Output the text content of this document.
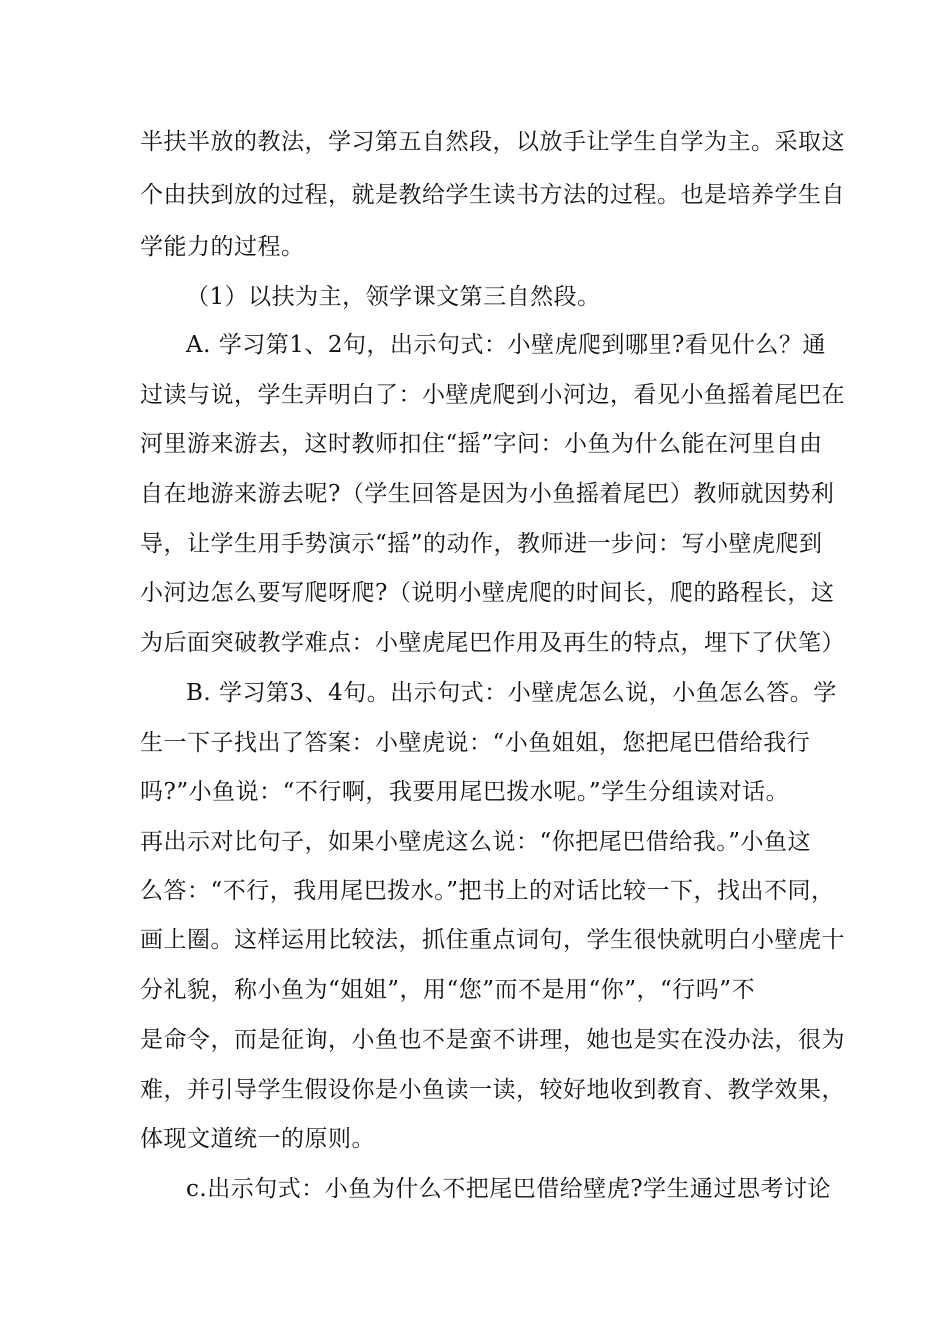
半扶半放的教法，学习第五自然段，以放手让学生自学为主。采取这
个由扶到放的过程，就是教给学生读书方法的过程。也是培养学生自
学能力的过程。
（1）以扶为主，领学课文第三自然段。
A. 学习第1、2句，出示句式：小壁虎爬到哪里?看见什么？通
过读与说，学生弄明白了：小壁虎爬到小河边，看见小鱼摇着尾巴在
河里游来游去，这时教师扣住“摇”字问：小鱼为什么能在河里自由
自在地游来游去呢?（学生回答是因为小鱼摇着尾巴）教师就因势利
导，让学生用手势演示“摇”的动作，教师进一步问：写小壁虎爬到
小河边怎么要写爬呀爬?（说明小壁虎爬的时间长，爬的路程长，这
为后面突破教学难点：小壁虎尾巴作用及再生的特点，埋下了伏笔）
B. 学习第3、4句。出示句式：小壁虎怎么说，小鱼怎么答。学
生一下子找出了答案：小壁虎说：“小鱼姐姐，您把尾巴借给我行
吗?”小鱼说：“不行啊，我要用尾巴拨水呢。”学生分组读对话。
再出示对比句子，如果小壁虎这么说：“你把尾巴借给我。”小鱼这
么答：“不行，我用尾巴拨水。”把书上的对话比较一下，找出不同，
画上圈。这样运用比较法，抓住重点词句，学生很快就明白小壁虎十
分礼貌，称小鱼为“姐姐”，用“您”而不是用“你”，“行吗”不
是命令，而是征询，小鱼也不是蛮不讲理，她也是实在没办法，很为
难，并引导学生假设你是小鱼读一读，较好地收到教育、教学效果，
体现文道统一的原则。
c.出示句式：小鱼为什么不把尾巴借给壁虎?学生通过思考讨论
